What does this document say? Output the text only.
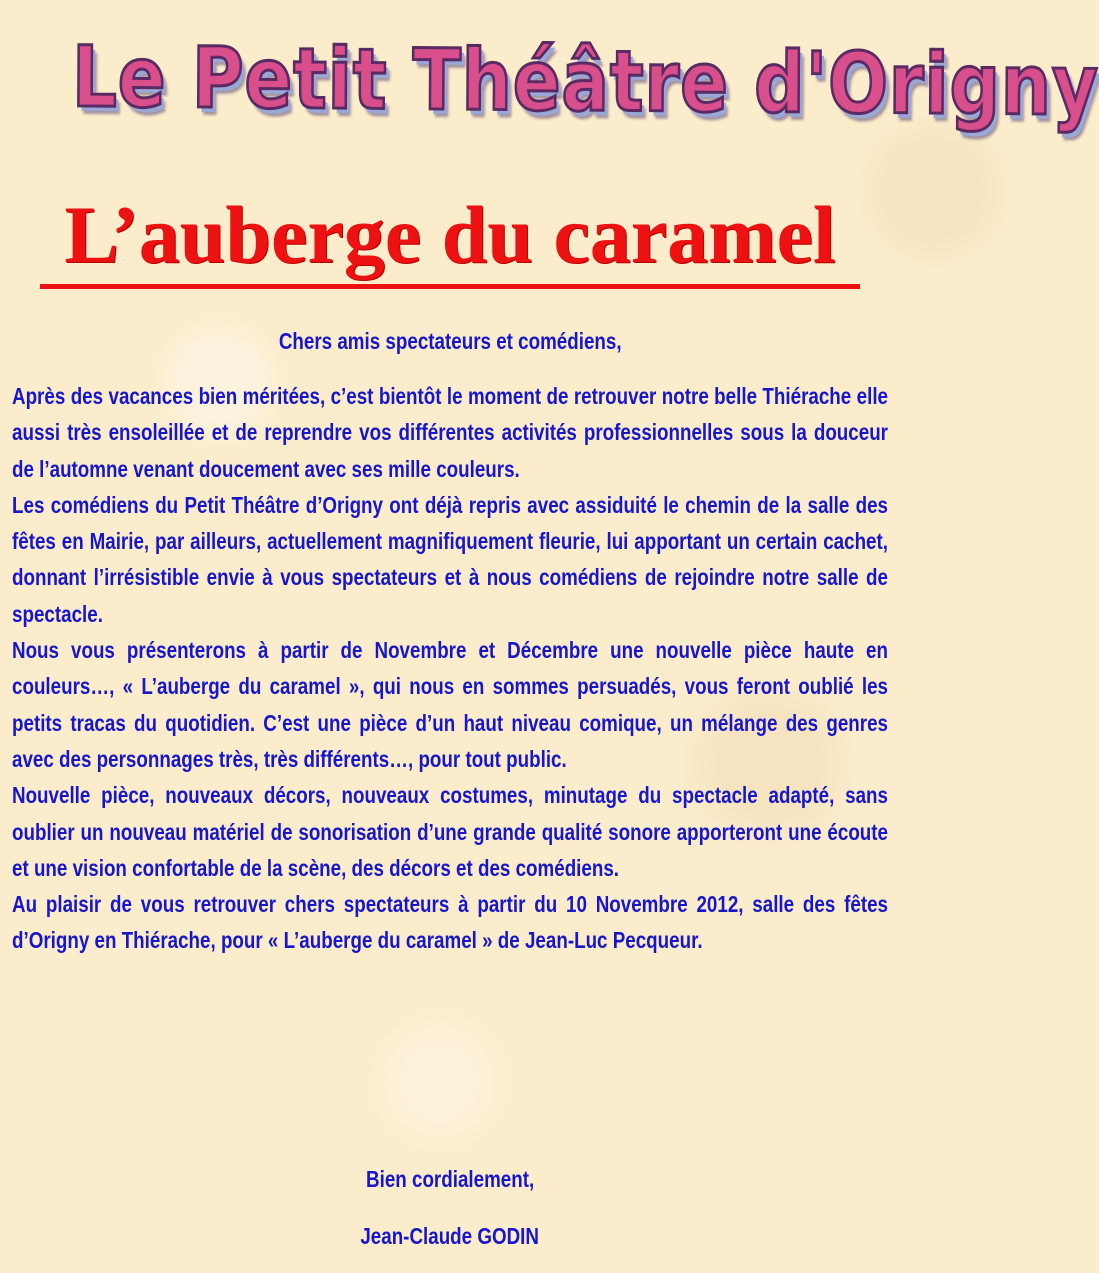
Le Petit Théâtre d'Origny
L’auberge du caramel
Chers amis spectateurs et comédiens,

Après des vacances bien méritées, c’est bientôt le moment de retrouver notre belle Thiérache elle aussi très ensoleillée et de reprendre vos différentes activités professionnelles sous la douceur de l’automne venant doucement avec ses mille couleurs.

Les comédiens du Petit Théâtre d’Origny ont déjà repris avec assiduité le chemin de la salle des fêtes en Mairie, par ailleurs, actuellement magnifiquement fleurie, lui apportant un certain cachet, donnant l’irrésistible envie à vous spectateurs et à nous comédiens de rejoindre notre salle de spectacle.

Nous vous présenterons à partir de Novembre et Décembre une nouvelle pièce haute en couleurs…, « L’auberge du caramel », qui nous en sommes persuadés, vous feront oublié les petits tracas du quotidien. C’est une pièce d’un haut niveau comique, un mélange des genres avec des personnages très, très différents…, pour tout public.

Nouvelle pièce, nouveaux décors, nouveaux costumes, minutage du spectacle adapté, sans oublier un nouveau matériel de sonorisation d’une grande qualité sonore apporteront une écoute et une vision confortable de la scène, des décors et des comédiens.

Au plaisir de vous retrouver chers spectateurs à partir du 10 Novembre 2012, salle des fêtes d’Origny en Thiérache, pour « L’auberge du caramel » de Jean-Luc Pecqueur.

Bien cordialement,
Jean-Claude GODIN
